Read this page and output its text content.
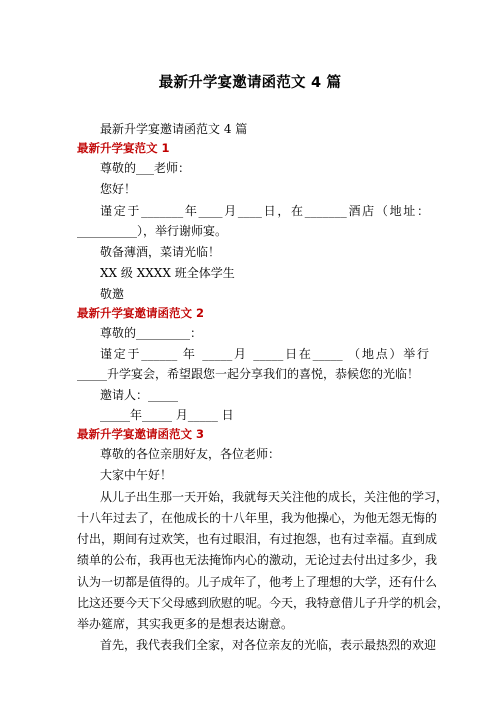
最新升学宴邀请函范文 4 篇
最新升学宴邀请函范文 4 篇
最新升学宴范文 1
尊敬的___老师：
您好！
谨定于_______年____月____日，在_______酒店（地址：
__________），举行谢师宴。
敬备薄酒，菜请光临！
XX 级 XXXX 班全体学生
敬邀
最新升学宴邀请函范文 2
尊敬的_________：
谨定于______ 年 _____月 _____日在_____ （地点）举行
_____升学宴会，希望跟您一起分享我们的喜悦，恭候您的光临！
邀请人：_____
_____年_____ 月_____ 日
最新升学宴邀请函范文 3
尊敬的各位亲朋好友，各位老师：
大家中午好！
从儿子出生那一天开始，我就每天关注他的成长，关注他的学习，
十八年过去了，在他成长的十八年里，我为他操心，为他无怨无悔的
付出，期间有过欢笑，也有过眼泪，有过抱怨，也有过幸福。直到成
绩单的公布，我再也无法掩饰内心的激动，无论过去付出过多少，我
认为一切都是值得的。儿子成年了，他考上了理想的大学，还有什么
比这还要今天下父母感到欣慰的呢。今天，我特意借儿子升学的机会，
举办筵席，其实我更多的是想表达谢意。
首先，我代表我们全家，对各位亲友的光临，表示最热烈的欢迎
